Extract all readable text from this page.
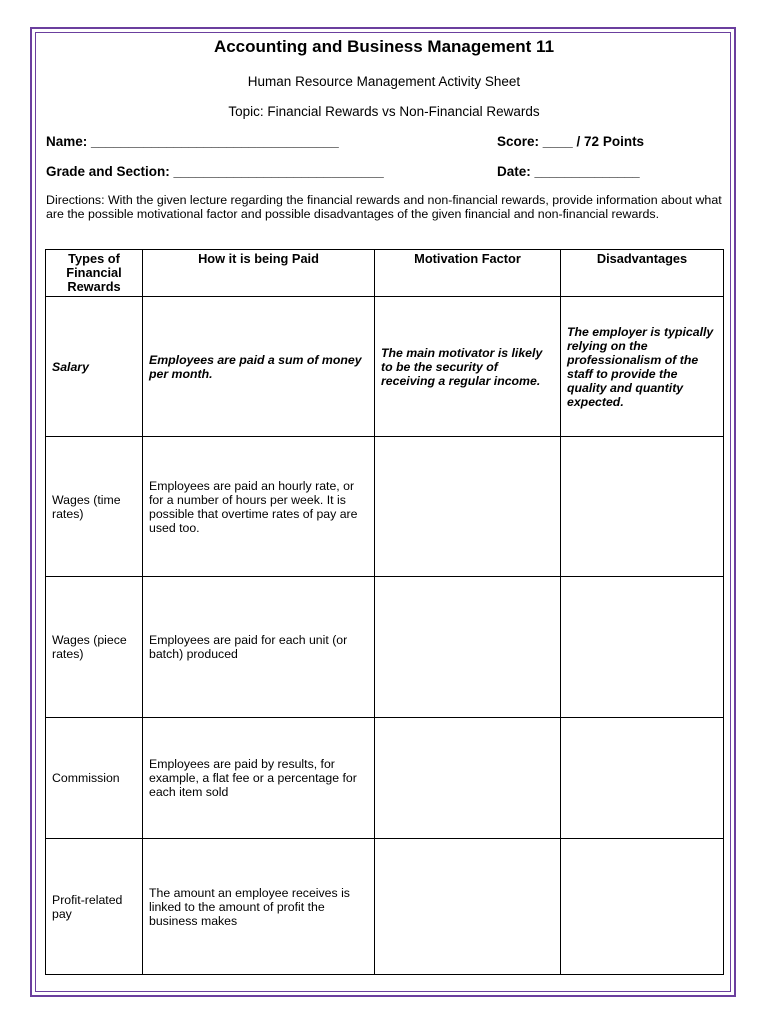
Accounting and Business Management 11
Human Resource Management Activity Sheet
Topic: Financial Rewards vs Non-Financial Rewards
Name: _________________________________	Score: ____ / 72 Points
Grade and Section: ____________________________	Date: ______________
Directions: With the given lecture regarding the financial rewards and non-financial rewards, provide information about what are the possible motivational factor and possible disadvantages of the given financial and non-financial rewards.
Types of Financial Rewards	How it is being Paid	Motivation Factor	Disadvantages
Salary	Employees are paid a sum of money per month.	The main motivator is likely to be the security of receiving a regular income.	The employer is typically relying on the professionalism of the staff to provide the quality and quantity expected.
Wages (time rates)	Employees are paid an hourly rate, or for a number of hours per week. It is possible that overtime rates of pay are used too.		
Wages (piece rates)	Employees are paid for each unit (or batch) produced		
Commission	Employees are paid by results, for example, a flat fee or a percentage for each item sold		
Profit-related pay	The amount an employee receives is linked to the amount of profit the business makes		
